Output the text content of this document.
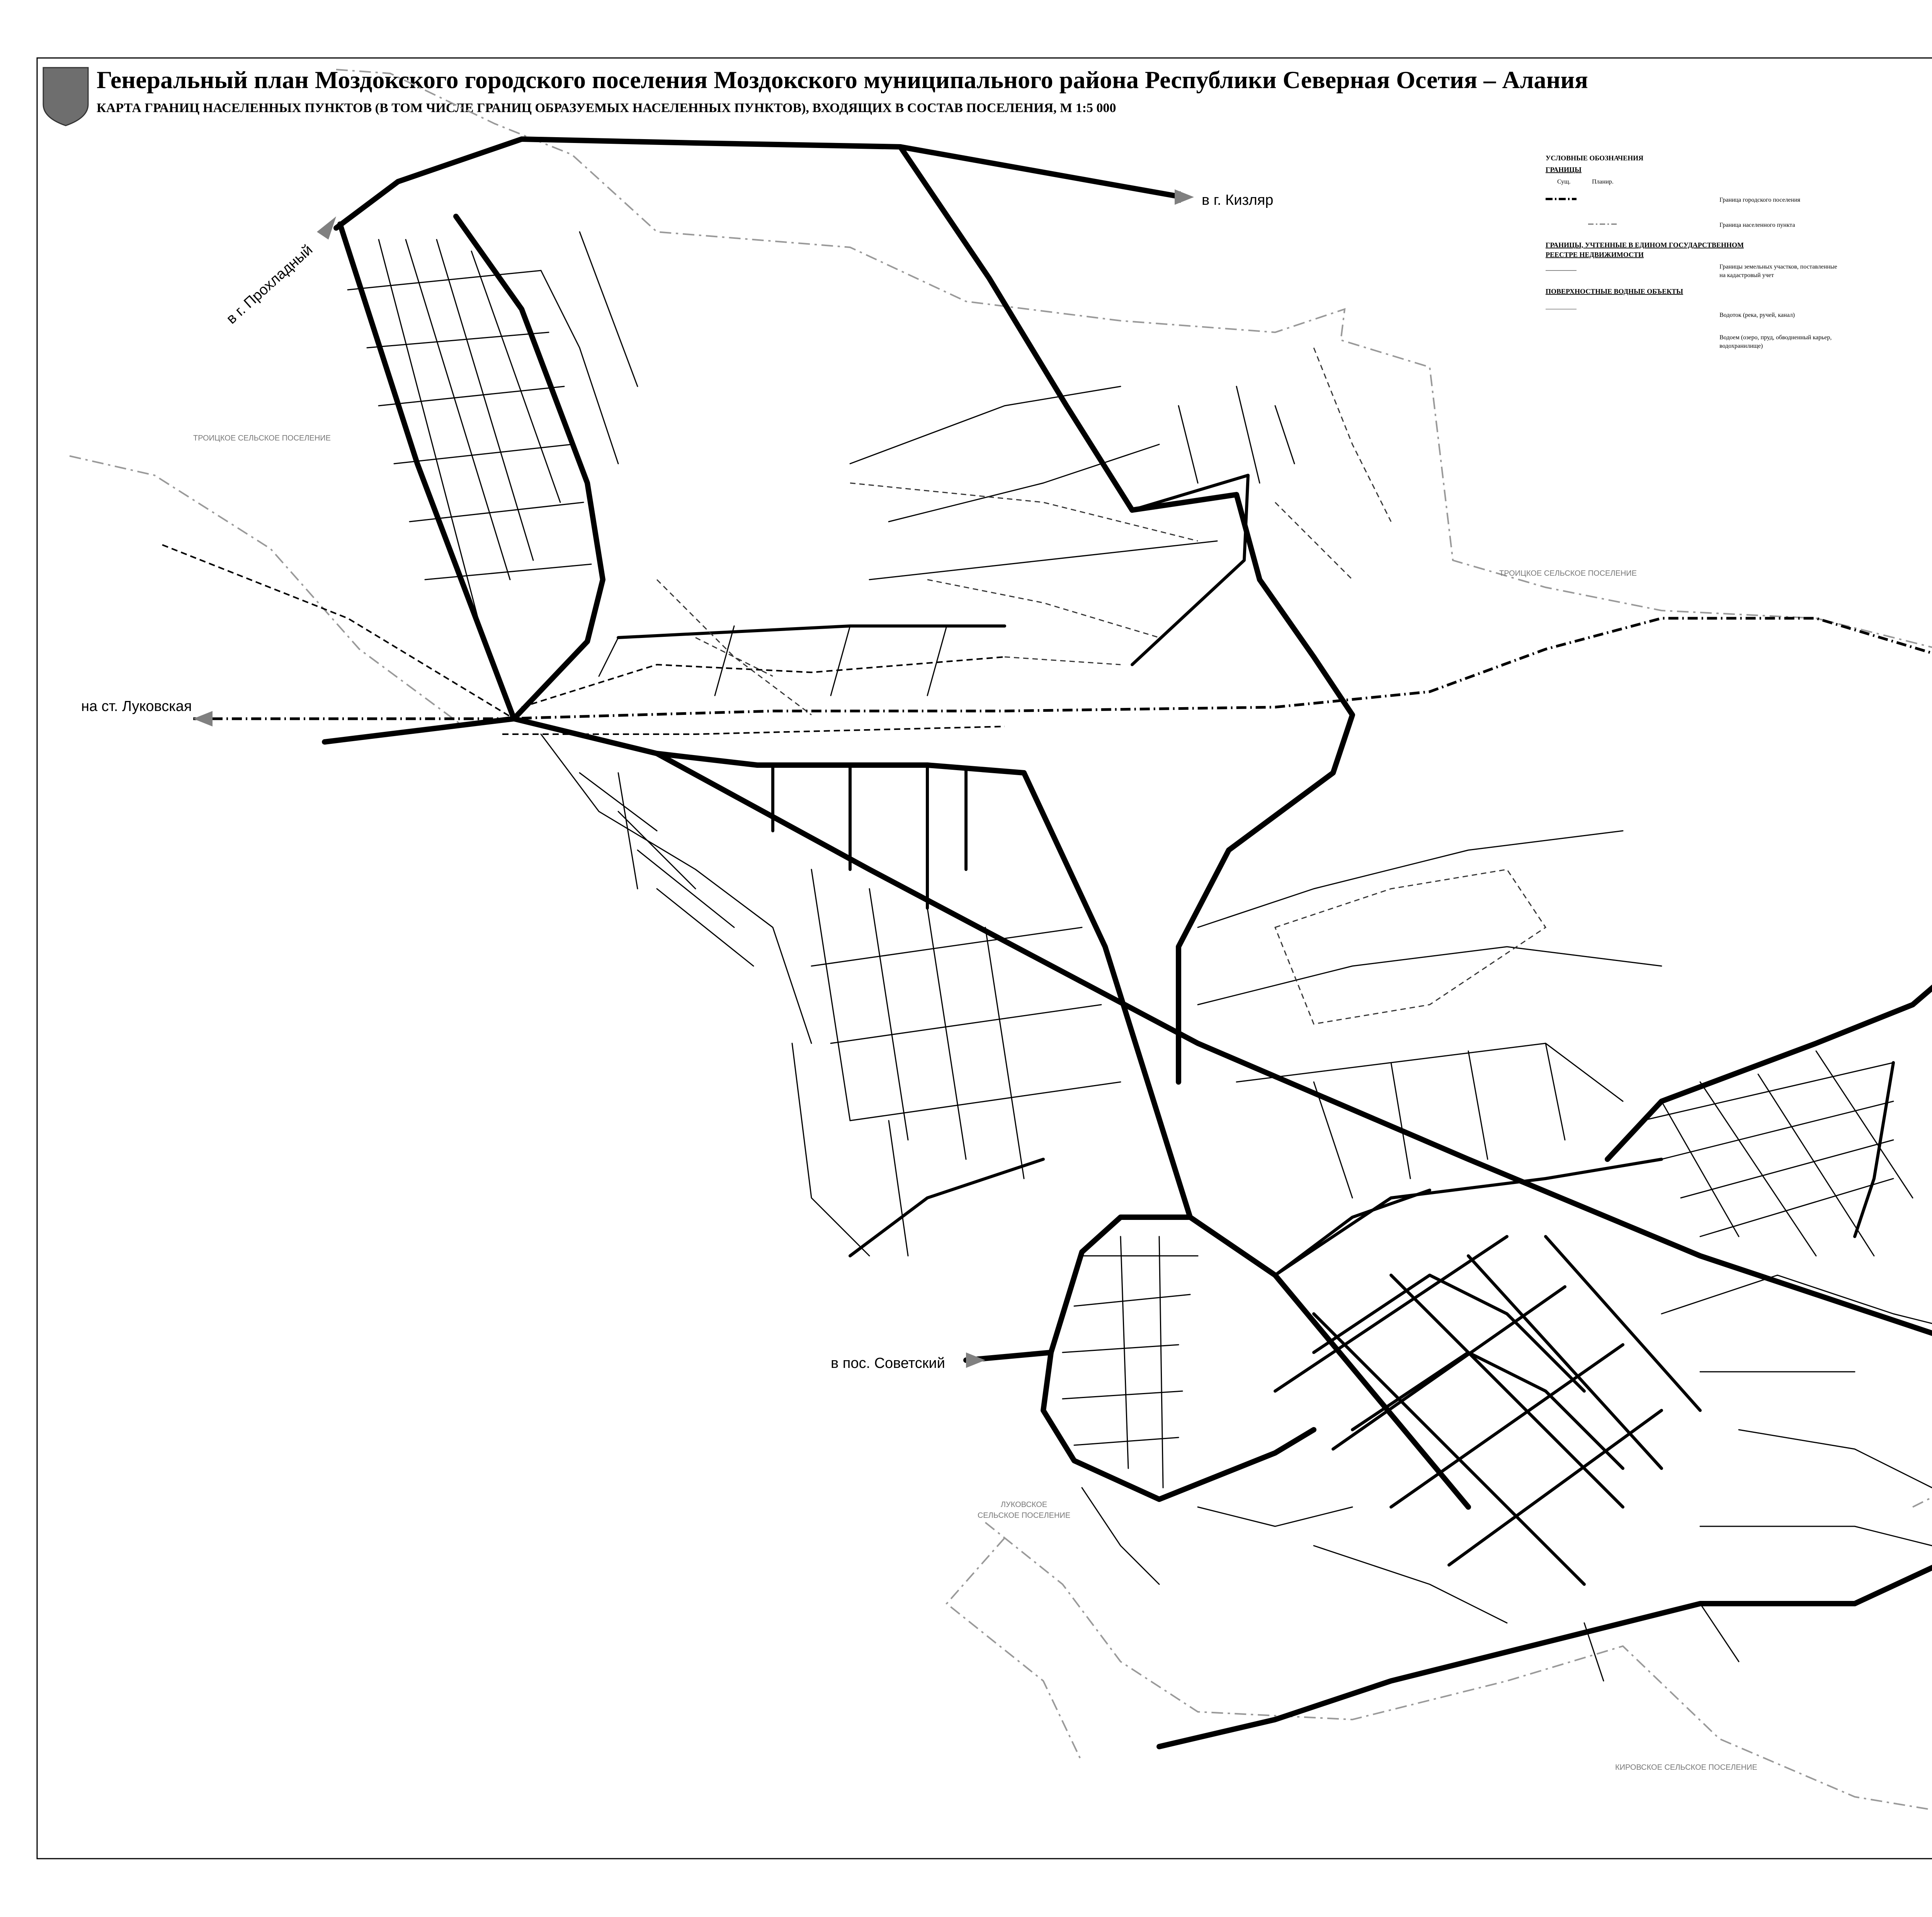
Генеральный план Моздокского городского поселения Моздокского муниципального района Республики Северная Осетия – Алания
КАРТА ГРАНИЦ НАСЕЛЕННЫХ ПУНКТОВ (В ТОМ ЧИСЛЕ ГРАНИЦ ОБРАЗУЕМЫХ НАСЕЛЕННЫХ ПУНКТОВ), ВХОДЯЩИХ В СОСТАВ ПОСЕЛЕНИЯ, М 1:5 000
в г. Кизляр
в г. Прохладный
на ст. Луковская
в пос. Советский
ТРОИЦКОЕ СЕЛЬСКОЕ ПОСЕЛЕНИЕ
ТРОИЦКОЕ СЕЛЬСКОЕ ПОСЕЛЕНИЕ
ЛУКОВСКОЕ
СЕЛЬСКОЕ ПОСЕЛЕНИЕ
КИРОВСКОЕ СЕЛЬСКОЕ ПОСЕЛЕНИЕ
УСЛОВНЫЕ ОБОЗНАЧЕНИЯ
ГРАНИЦЫ
Сущ.	Планир.
Граница городского поселения
Граница населенного пункта
ГРАНИЦЫ, УЧТЕННЫЕ В ЕДИНОМ ГОСУДАРСТВЕННОМ
РЕЕСТРЕ НЕДВИЖИМОСТИ
Границы земельных участков, поставленные
на кадастровый учет
ПОВЕРХНОСТНЫЕ ВОДНЫЕ ОБЪЕКТЫ
Водоток (река, ручей, канал)
Водоем (озеро, пруд, обводненный карьер,
водохранилище)
